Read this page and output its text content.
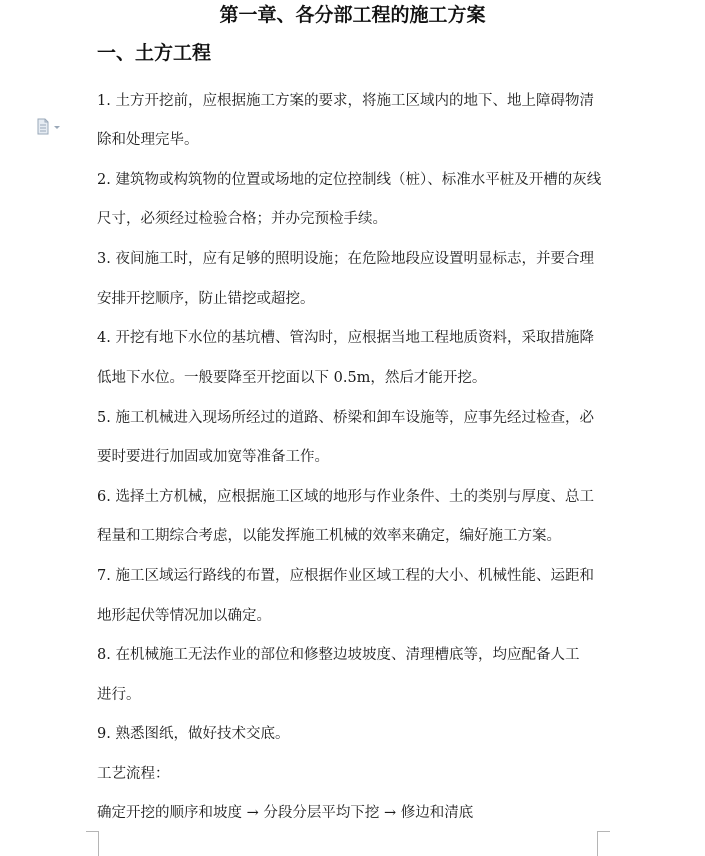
第一章、各分部工程的施工方案
一、土方工程
1. 土方开挖前，应根据施工方案的要求，将施工区域内的地下、地上障碍物清
除和处理完毕。
2. 建筑物或构筑物的位置或场地的定位控制线（桩）、标准水平桩及开槽的灰线
尺寸，必须经过检验合格；并办完预检手续。
3. 夜间施工时，应有足够的照明设施；在危险地段应设置明显标志，并要合理
安排开挖顺序，防止错挖或超挖。
4. 开挖有地下水位的基坑槽、管沟时，应根据当地工程地质资料，采取措施降
低地下水位。一般要降至开挖面以下 0.5m，然后才能开挖。
5. 施工机械进入现场所经过的道路、桥梁和卸车设施等，应事先经过检查，必
要时要进行加固或加宽等准备工作。
6. 选择土方机械，应根据施工区域的地形与作业条件、土的类别与厚度、总工
程量和工期综合考虑，以能发挥施工机械的效率来确定，编好施工方案。
7. 施工区域运行路线的布置，应根据作业区域工程的大小、机械性能、运距和
地形起伏等情况加以确定。
8. 在机械施工无法作业的部位和修整边坡坡度、清理槽底等，均应配备人工
进行。
9. 熟悉图纸，做好技术交底。
工艺流程：
确定开挖的顺序和坡度 → 分段分层平均下挖 → 修边和清底
